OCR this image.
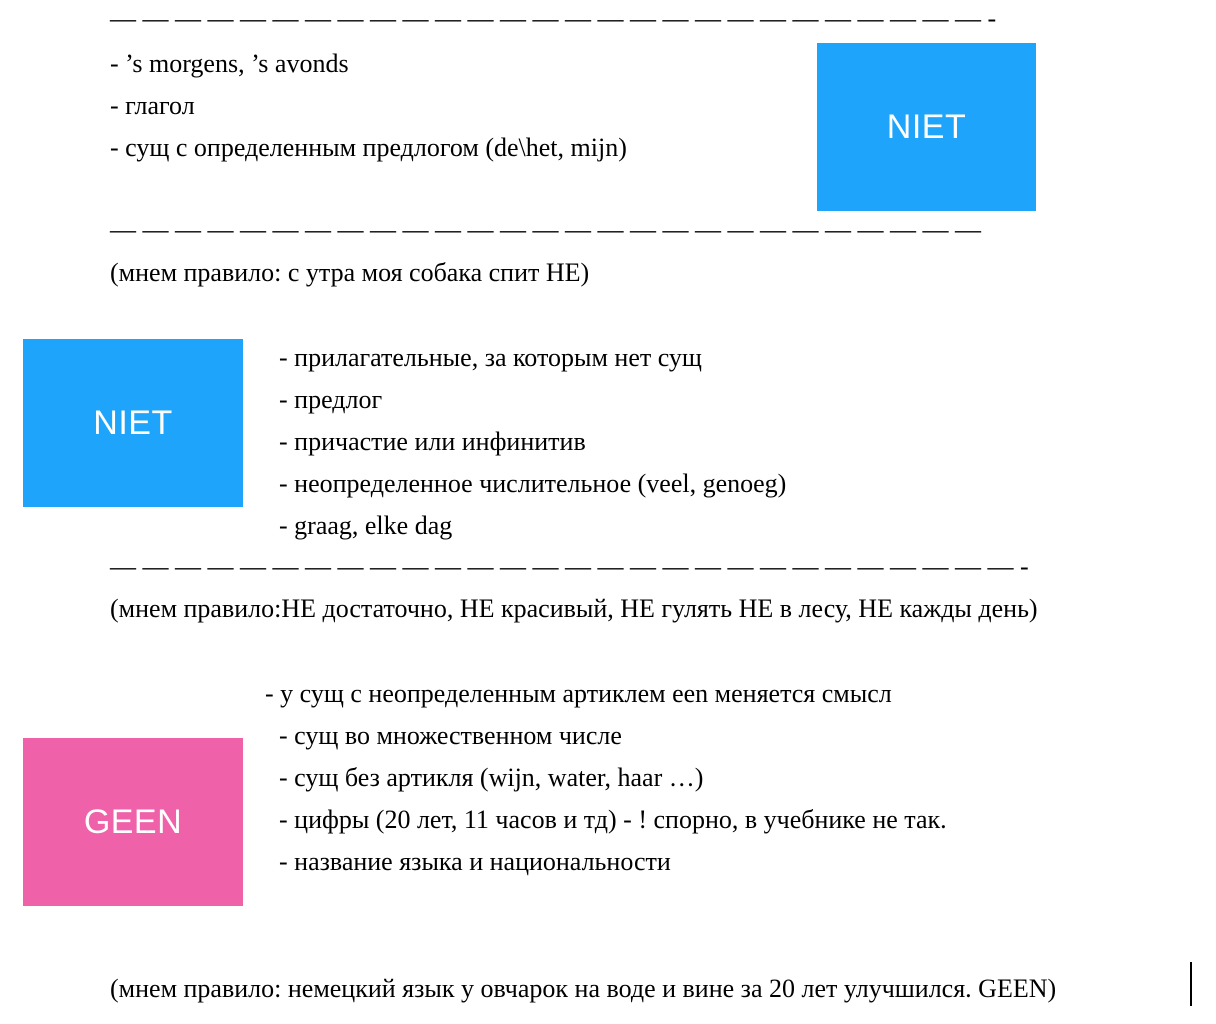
— — — — — — — — — — — — — — — — — — — — — — — — — — — -
- ’s morgens, ’s avonds
- глагол
- сущ с определенным предлогом (de\het, mijn)
NIET
— — — — — — — — — — — — — — — — — — — — — — — — — — —
(мнем правило: с утра моя собака спит НЕ)
NIET
- прилагательные, за которым нет сущ
- предлог
- причастие или инфинитив
- неопределенное числительное (veel, genoeg)
- graag, elke dag
— — — — — — — — — — — — — — — — — — — — — — — — — — — — -
(мнем правило:НЕ достаточно, НЕ красивый, НЕ гулять НЕ в лесу, НЕ кажды день)
- у сущ с неопределенным артиклем een меняется смысл
- сущ во множественном числе
- сущ без артикля (wijn, water, haar …)
- цифры (20 лет, 11 часов и тд) - ! спорно, в учебнике не так.
- название языка и национальности
GEEN
(мнем правило: немецкий язык у овчарок на воде и вине за 20 лет улучшился. GEEN)
